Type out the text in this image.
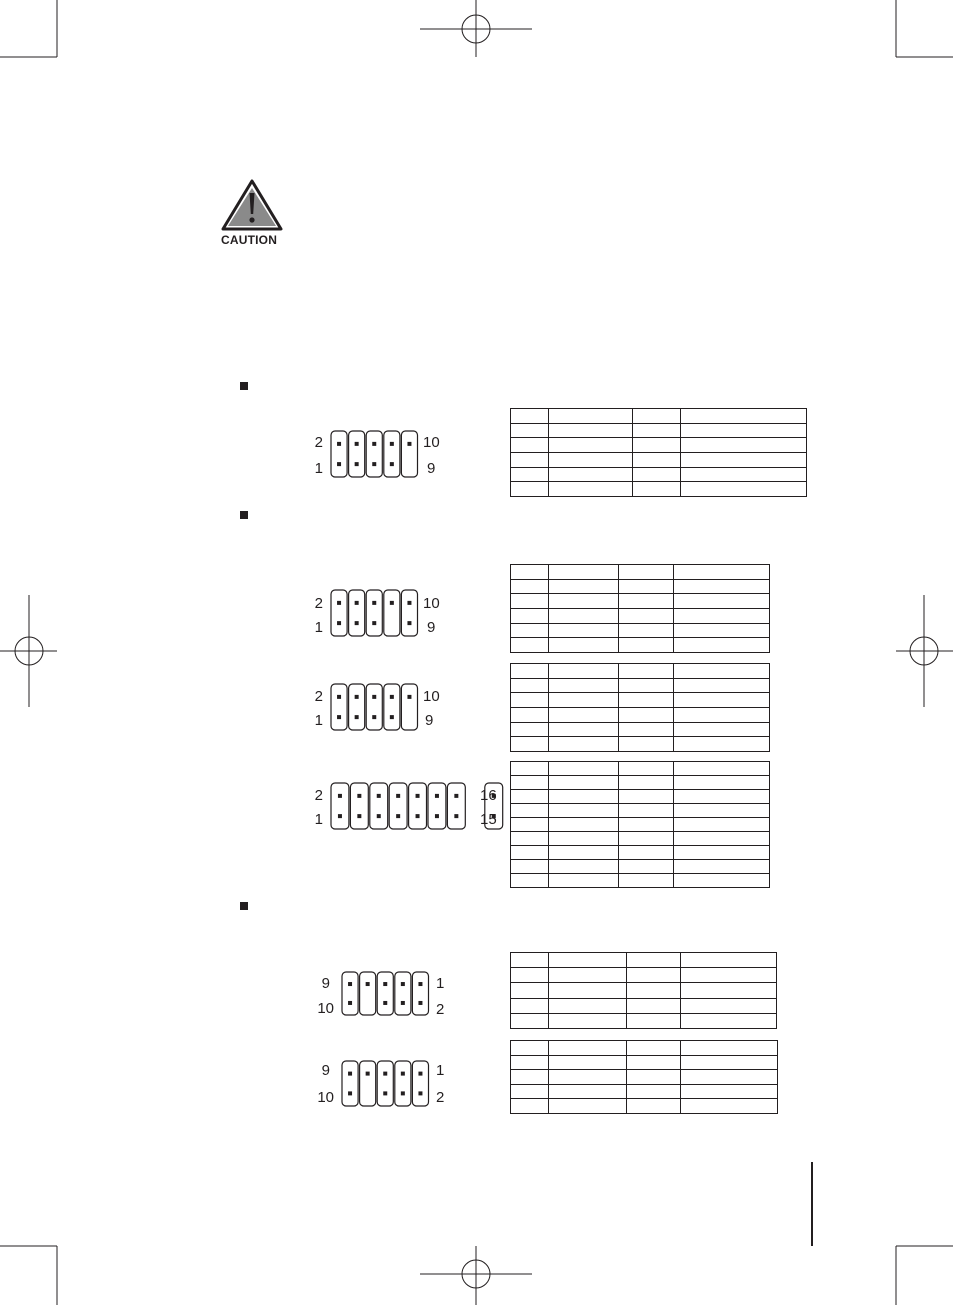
CAUTION
2
1
10
9
2
1
10
9
2
1
10
9
2
1
16
15
9
10
1
2
9
10
1
2
